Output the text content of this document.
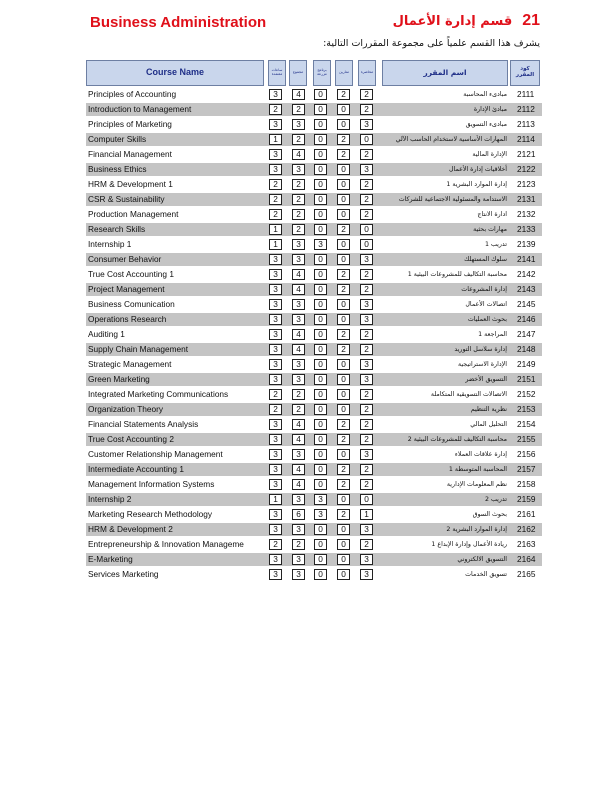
Business Administration	21قسم إدارة الأعمال
يشرف هذا القسم علمياً على مجموعة المقررات التالية:
Course Name	ساعات معتمدة	مجموع	برنامج مزرعة	تمارين	محاضرة	اسم المقرر	كود المقرر
Principles of Accounting	3	4	0	2	2	مبادىء المحاسبة 2111
Introduction to Management	2	2	0	0	2	مبادئ الإدارة 2112
Principles of Marketing	3	3	0	0	3	مبادىء التسويق 2113
Computer Skills	1	2	0	2	0	المهارات الأساسية لاستخدام الحاسب الآلي 2114
Financial Management	3	4	0	2	2	الإدارة المالية 2121
Business Ethics	3	3	0	0	3	أخلاقيات إدارة الأعمال 2122
HRM & Development 1	2	2	0	0	2	إدارة الموارد البشرية 1 2123
CSR & Sustainability	2	2	0	0	2	الاستدامة والمسئولية الاجتماعية للشركات 2131
Production Management	2	2	0	0	2	ادارة الانتاج 2132
Research Skills	1	2	0	2	0	مهارات بحثية 2133
Internship 1	1	3	3	0	0	تدريب 1 2139
Consumer Behavior	3	3	0	0	3	سلوك المستهلك 2141
True Cost Accounting 1	3	4	0	2	2	محاسبة التكاليف للمشروعات البيئية 1 2142
Project Management	3	4	0	2	2	إدارة المشروعات 2143
Business Comunication	3	3	0	0	3	اتصالات الأعمال 2145
Operations Research	3	3	0	0	3	بحوث العمليات 2146
Auditing 1	3	4	0	2	2	المراجعة 1 2147
Supply Chain Management	3	4	0	2	2	إدارة سلاسل التوريد 2148
Strategic Management	3	3	0	0	3	الإدارة الاستراتيجية 2149
Green Marketing	3	3	0	0	3	التسويق الأخضر 2151
Integrated Marketing Communications	2	2	0	0	2	الاتصالات التسويقية المتكاملة 2152
Organization Theory	2	2	0	0	2	نظرية التنظيم 2153
Financial Statements Analysis	3	4	0	2	2	التحليل المالي 2154
True Cost Accounting 2	3	4	0	2	2	محاسبة التكاليف للمشروعات البيئية 2 2155
Customer Relationship Management	3	3	0	0	3	إدارة علاقات العملاء 2156
Intermediate Accounting 1	3	4	0	2	2	المحاسبة المتوسطة 1 2157
Management Information Systems	3	4	0	2	2	نظم المعلومات الإدارية 2158
Internship 2	1	3	3	0	0	تدريب 2 2159
Marketing Research Methodology	3	6	3	2	1	بحوث السوق 2161
HRM & Development 2	3	3	0	0	3	إدارة الموارد البشرية 2 2162
Entrepreneurship & Innovation Manageme	2	2	0	0	2	ريادة الأعمال وإدارة الإبداع 1 2163
E-Marketing	3	3	0	0	3	التسويق الالكتروني 2164
Services Marketing	3	3	0	0	3	تسويق الخدمات 2165
